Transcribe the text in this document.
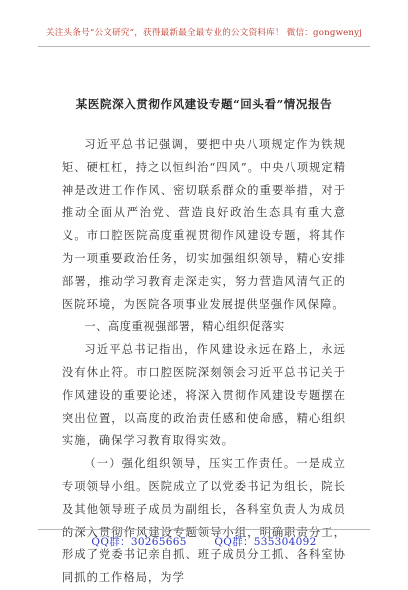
关注头条号“公文研究”，获得最新最全最专业的公文资料库！ 微信：gongwenyj
某医院深入贯彻作风建设专题“回头看”情况报告

习近平总书记强调，要把中央八项规定作为铁规矩、硬杠杠，持之以恒纠治“四风”。中央八项规定精神是改进工作作风、密切联系群众的重要举措，对于推动全面从严治党、营造良好政治生态具有重大意义。市口腔医院高度重视贯彻作风建设专题，将其作为一项重要政治任务，切实加强组织领导，精心安排部署，推动学习教育走深走实，努力营造风清气正的医院环境，为医院各项事业发展提供坚强作风保障。

一、高度重视强部署，精心组织促落实

习近平总书记指出，作风建设永远在路上，永远没有休止符。市口腔医院深刻领会习近平总书记关于作风建设的重要论述，将深入贯彻作风建设专题摆在突出位置，以高度的政治责任感和使命感，精心组织实施，确保学习教育取得实效。

（一）强化组织领导，压实工作责任。一是成立专项领导小组。医院成立了以党委书记为组长，院长及其他领导班子成员为副组长，各科室负责人为成员的深入贯彻作风建设专题领导小组，明确职责分工，形成了党委书记亲自抓、班子成员分工抓、各科室协同抓的工作格局，为学

QQ群：30265665	QQ群：535304092
